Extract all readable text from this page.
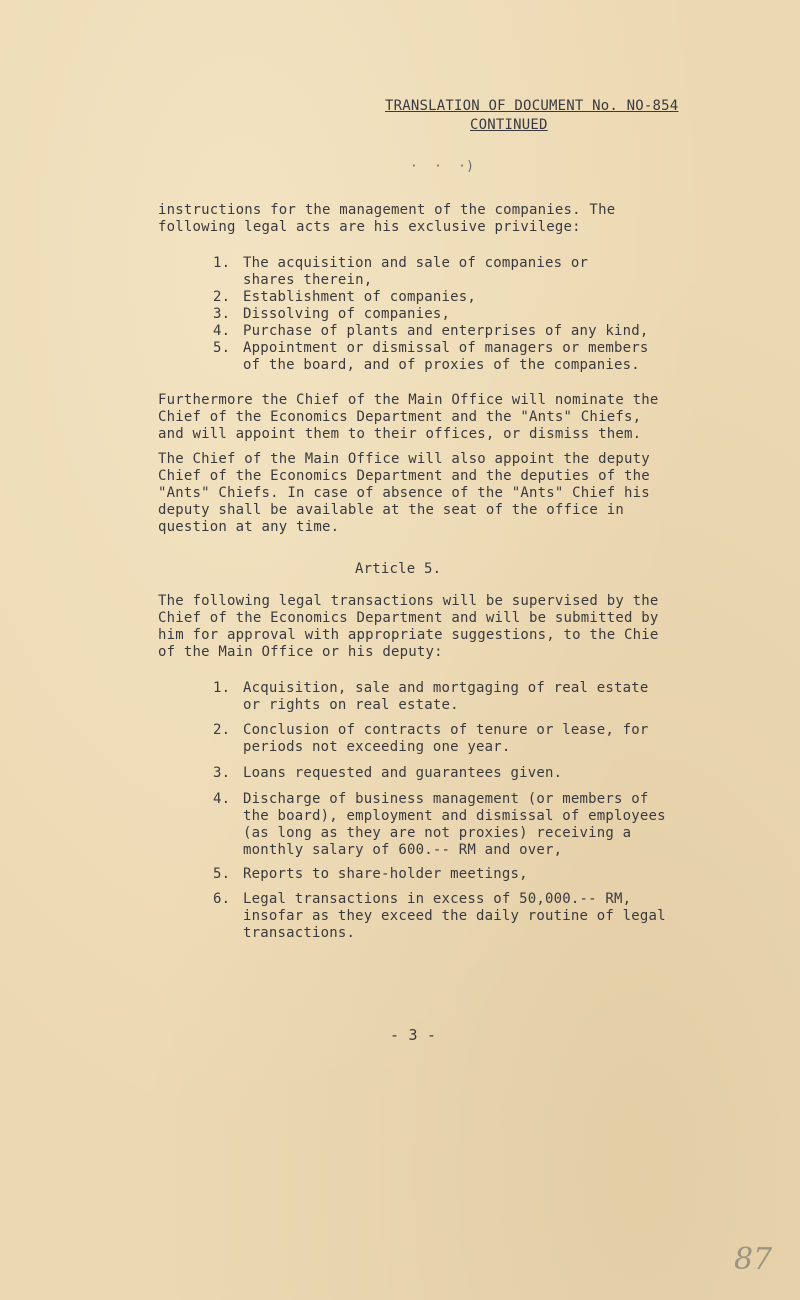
TRANSLATION OF DOCUMENT No. NO-854
CONTINUED
·  ·  ·)
instructions for the management of the companies. The
following legal acts are his exclusive privilege:
1. The acquisition and sale of companies or
shares therein,
2. Establishment of companies,
3. Dissolving of companies,
4. Purchase of plants and enterprises of any kind,
5. Appointment or dismissal of managers or members
of the board, and of proxies of the companies.
Furthermore the Chief of the Main Office will nominate the
Chief of the Economics Department and the "Ants" Chiefs,
and will appoint them to their offices, or dismiss them.
The Chief of the Main Office will also appoint the deputy
Chief of the Economics Department and the deputies of the
"Ants" Chiefs. In case of absence of the "Ants" Chief his
deputy shall be available at the seat of the office in
question at any time.
Article 5.
The following legal transactions will be supervised by the
Chief of the Economics Department and will be submitted by
him for approval with appropriate suggestions, to the Chie
of the Main Office or his deputy:
1. Acquisition, sale and mortgaging of real estate
or rights on real estate.
2. Conclusion of contracts of tenure or lease, for
periods not exceeding one year.
3. Loans requested and guarantees given.
4. Discharge of business management (or members of
the board), employment and dismissal of employees
(as long as they are not proxies) receiving a
monthly salary of 600.-- RM and over,
5. Reports to share-holder meetings,
6. Legal transactions in excess of 50,000.-- RM,
insofar as they exceed the daily routine of legal
transactions.
- 3 -
87
